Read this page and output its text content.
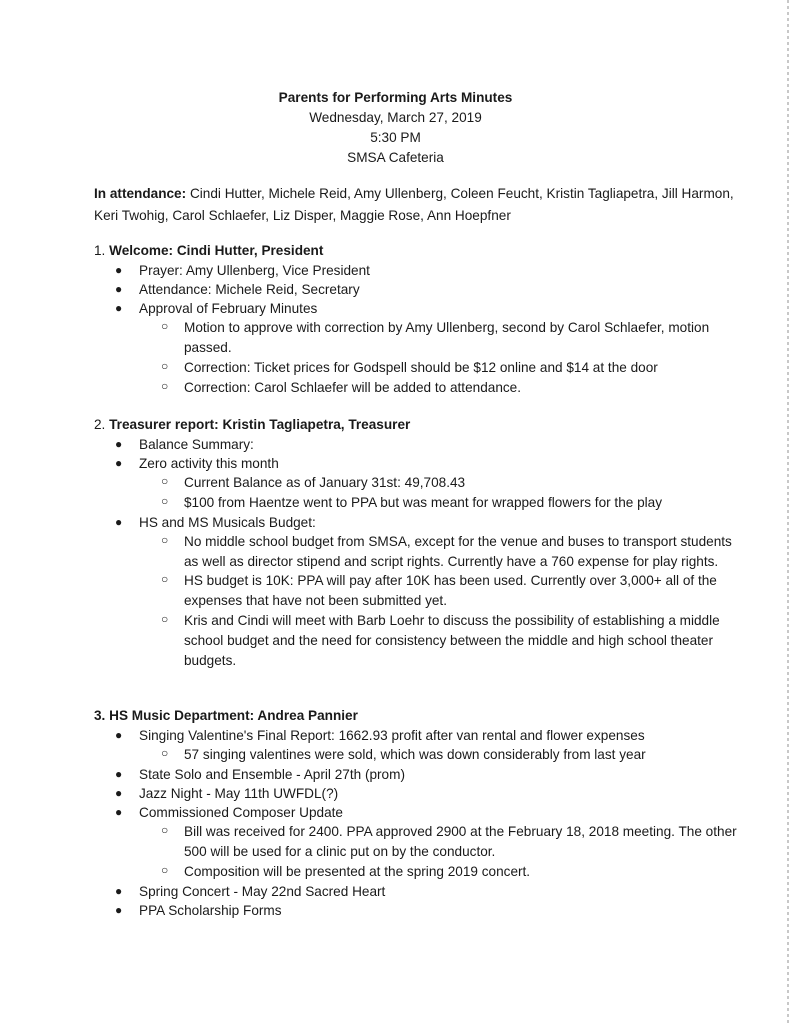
Parents for Performing Arts Minutes
Wednesday, March 27, 2019
5:30 PM
SMSA Cafeteria
In attendance: Cindi Hutter, Michele Reid, Amy Ullenberg, Coleen Feucht, Kristin Tagliapetra, Jill Harmon, Keri Twohig, Carol Schlaefer, Liz Disper, Maggie Rose, Ann Hoepfner
1. Welcome: Cindi Hutter, President
● Prayer: Amy Ullenberg, Vice President
● Attendance: Michele Reid, Secretary
● Approval of February Minutes
○ Motion to approve with correction by Amy Ullenberg, second by Carol Schlaefer, motion passed.
○ Correction: Ticket prices for Godspell should be $12 online and $14 at the door
○ Correction: Carol Schlaefer will be added to attendance.
2. Treasurer report: Kristin Tagliapetra, Treasurer
● Balance Summary:
● Zero activity this month
○ Current Balance as of January 31st: 49,708.43
○ $100 from Haentze went to PPA but was meant for wrapped flowers for the play
● HS and MS Musicals Budget:
○ No middle school budget from SMSA, except for the venue and buses to transport students as well as director stipend and script rights. Currently have a 760 expense for play rights.
○ HS budget is 10K: PPA will pay after 10K has been used. Currently over 3,000+ all of the expenses that have not been submitted yet.
○ Kris and Cindi will meet with Barb Loehr to discuss the possibility of establishing a middle school budget and the need for consistency between the middle and high school theater budgets.
3. HS Music Department: Andrea Pannier
● Singing Valentine's Final Report: 1662.93 profit after van rental and flower expenses
○ 57 singing valentines were sold, which was down considerably from last year
● State Solo and Ensemble - April 27th (prom)
● Jazz Night - May 11th UWFDL(?)
● Commissioned Composer Update
○ Bill was received for 2400. PPA approved 2900 at the February 18, 2018 meeting. The other 500 will be used for a clinic put on by the conductor.
○ Composition will be presented at the spring 2019 concert.
● Spring Concert - May 22nd Sacred Heart
● PPA Scholarship Forms
